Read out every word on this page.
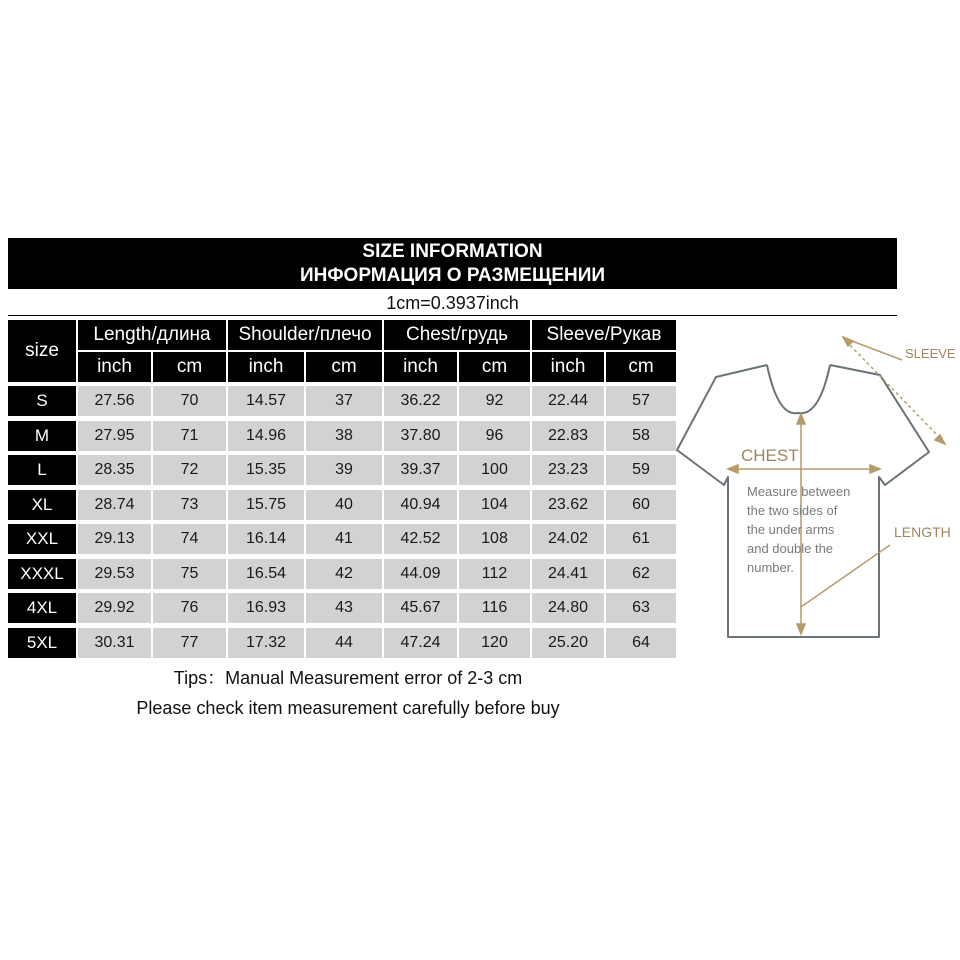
SIZE INFORMATION
ИНФОРМАЦИЯ О РАЗМЕЩЕНИИ
1cm=0.3937inch
size
Length/длина	Shoulder/плечо	Chest/грудь	Sleeve/Рукав
inch	cm	inch	cm	inch	cm	inch	cm
S	27.56	70	14.57	37	36.22	92	22.44	57
M	27.95	71	14.96	38	37.80	96	22.83	58
L	28.35	72	15.35	39	39.37	100	23.23	59
XL	28.74	73	15.75	40	40.94	104	23.62	60
XXL	29.13	74	16.14	41	42.52	108	24.02	61
XXXL	29.53	75	16.54	42	44.09	112	24.41	62
4XL	29.92	76	16.93	43	45.67	116	24.80	63
5XL	30.31	77	17.32	44	47.24	120	25.20	64
Tips：Manual Measurement error of 2-3 cm
Please check item measurement carefully before buy
SLEEVE
CHEST
LENGTH
Measure between
the two sides of
the under arms
and double the
number.
